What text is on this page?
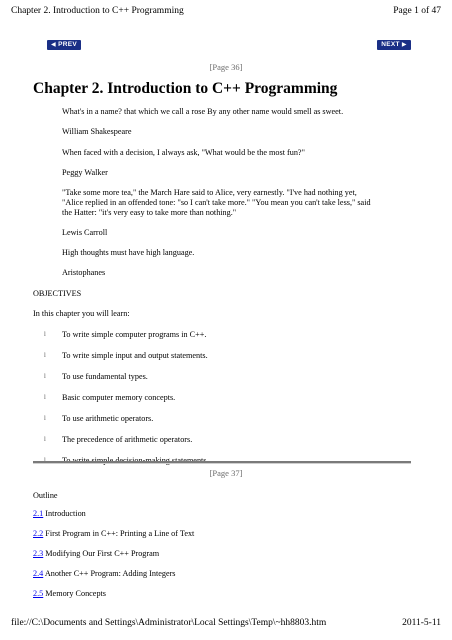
Chapter 2. Introduction to C++ Programming	Page 1 of 47
◀ PREV	NEXT ▶
[Page 36]
Chapter 2. Introduction to C++ Programming
What's in a name? that which we call a rose By any other name would smell as sweet.
William Shakespeare
When faced with a decision, I always ask, "What would be the most fun?"
Peggy Walker
"Take some more tea," the March Hare said to Alice, very earnestly. "I've had nothing yet,
"Alice replied in an offended tone: "so I can't take more." "You mean you can't take less," said
the Hatter: "it's very easy to take more than nothing."
Lewis Carroll
High thoughts must have high language.
Aristophanes
OBJECTIVES
In this chapter you will learn:
l To write simple computer programs in C++.
l To write simple input and output statements.
l To use fundamental types.
l Basic computer memory concepts.
l To use arithmetic operators.
l The precedence of arithmetic operators.
l To write simple decision-making statements.
[Page 37]
Outline
2.1 Introduction
2.2 First Program in C++: Printing a Line of Text
2.3 Modifying Our First C++ Program
2.4 Another C++ Program: Adding Integers
2.5 Memory Concepts
file://C:\Documents and Settings\Administrator\Local Settings\Temp\~hh8803.htm	2011-5-11
